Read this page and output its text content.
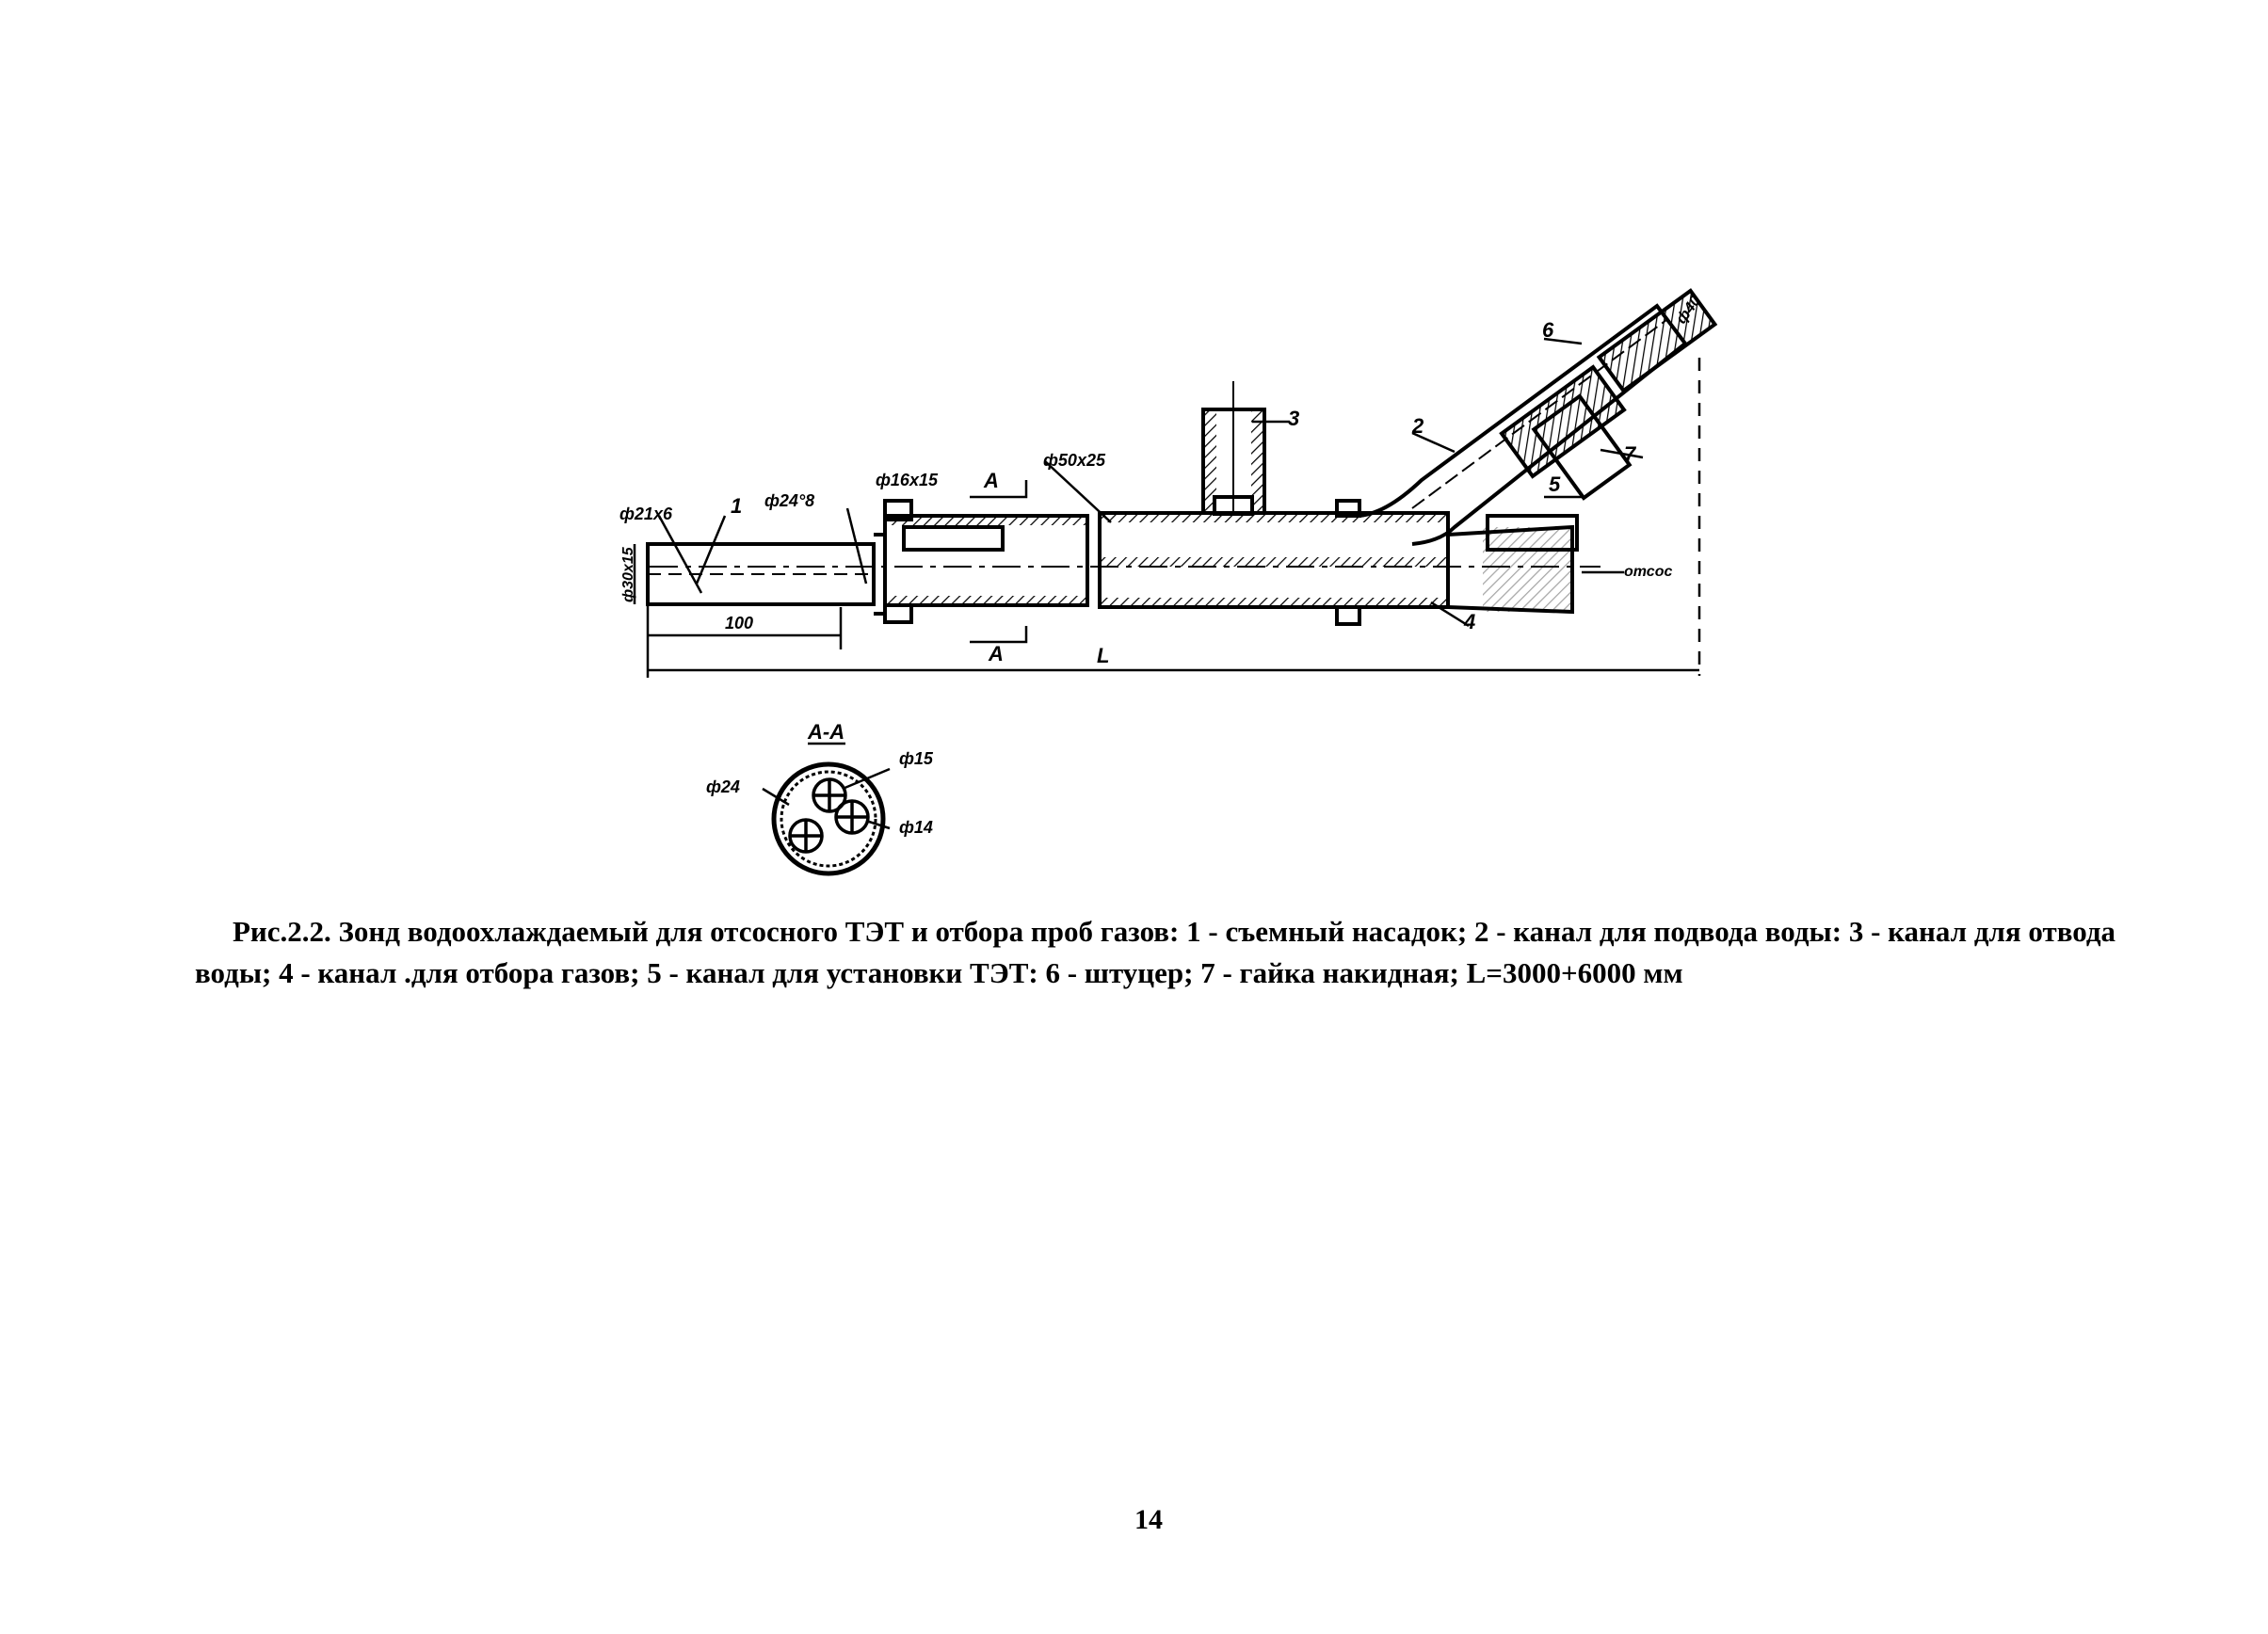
ф21х6
ф30х15
1 ф24°8
ф16х15 А
А
ф50х25
3	2
6
ф40
7
5
4
отсос
100
L
А-А
ф24
ф15
ф14
Рис.2.2. Зонд водоохлаждаемый для отсосного ТЭТ и отбора проб газов: 1 - съемный насадок; 2 - канал для подвода воды: 3 - канал для отвода воды; 4 - канал .для отбора газов; 5 - канал для установки ТЭТ: 6 - штуцер; 7 - гайка накидная; L=3000+6000 мм
14
